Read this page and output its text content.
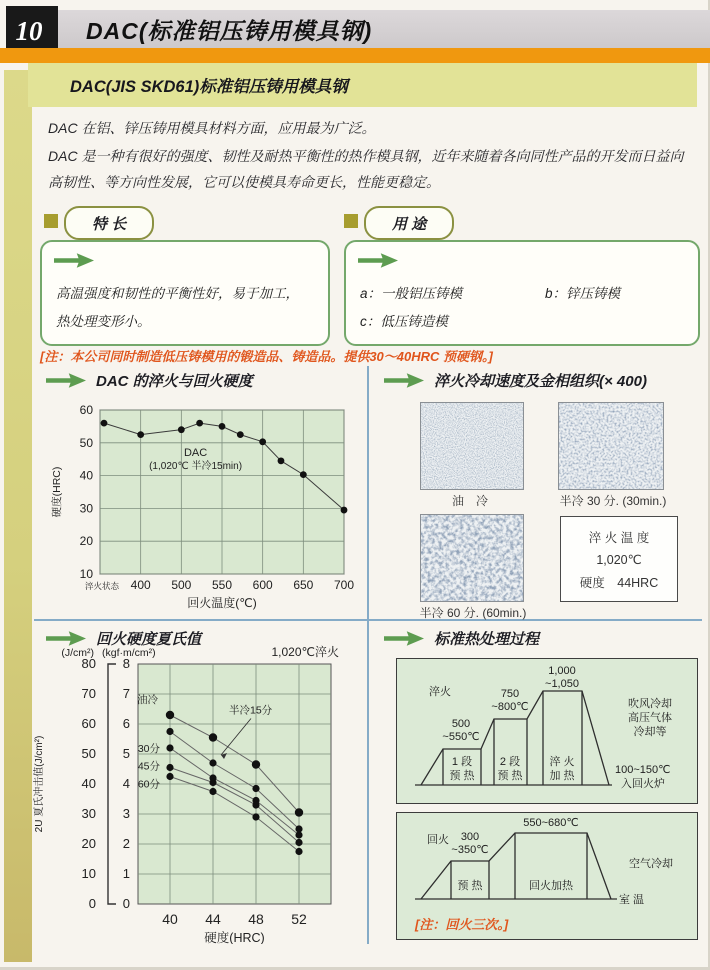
10 DAC(标准铝压铸用模具钢)
DAC(JIS SKD61)标准铝压铸用模具钢

DAC 在铝、锌压铸用模具材料方面，应用最为广泛。

DAC 是一种有很好的强度、韧性及耐热平衡性的热作模具钢，近年来随着各向同性产品的开发而日益向高韧性、等方向性发展，它可以使模具寿命更长，性能更稳定。

特 长	用 途
高温强度和韧性的平衡性好，易于加工，
热处理变形小。
a：一般铝压铸模	b：锌压铸模
c：低压铸造模
[注：本公司同时制造低压铸模用的锻造品、铸造品。提供30～40HRC 预硬钢。]
DAC 的淬火与回火硬度
10
20
30
40
50
60
DAC
(1,020℃ 半冷15min)
淬火状态 400 500 550 600 650 700
回火温度(℃)
硬度(HRC)
淬火冷却速度及金相组织(× 400)
油　冷	半冷 30 分. (30min.)
半冷 60 分. (60min.)
淬 火 温 度
1,020℃
硬度　44HRC
回火硬度夏氏值
0
1
2
3
4
5
6
7
8
0
10
20
30
40
50
60
70
80
(J/cm²) (kgf·m/cm²)	1,020℃淬火
油冷
半冷15分
30分
45分
60分
40 44 48 52
硬度(HRC)
2U 夏氏冲击值(J/cm²)
标准热处理过程
淬火
500
~550℃
750
~800℃
1,000
~1,050
1 段
预 热
2 段
预 热
淬 火
加 热
吹风冷却
高压气体
冷却等
100~150℃
入回火炉
回火 300
~350℃
550~680℃
预 热	回火加热
空气冷却
室 温
[注：回火三次。]
